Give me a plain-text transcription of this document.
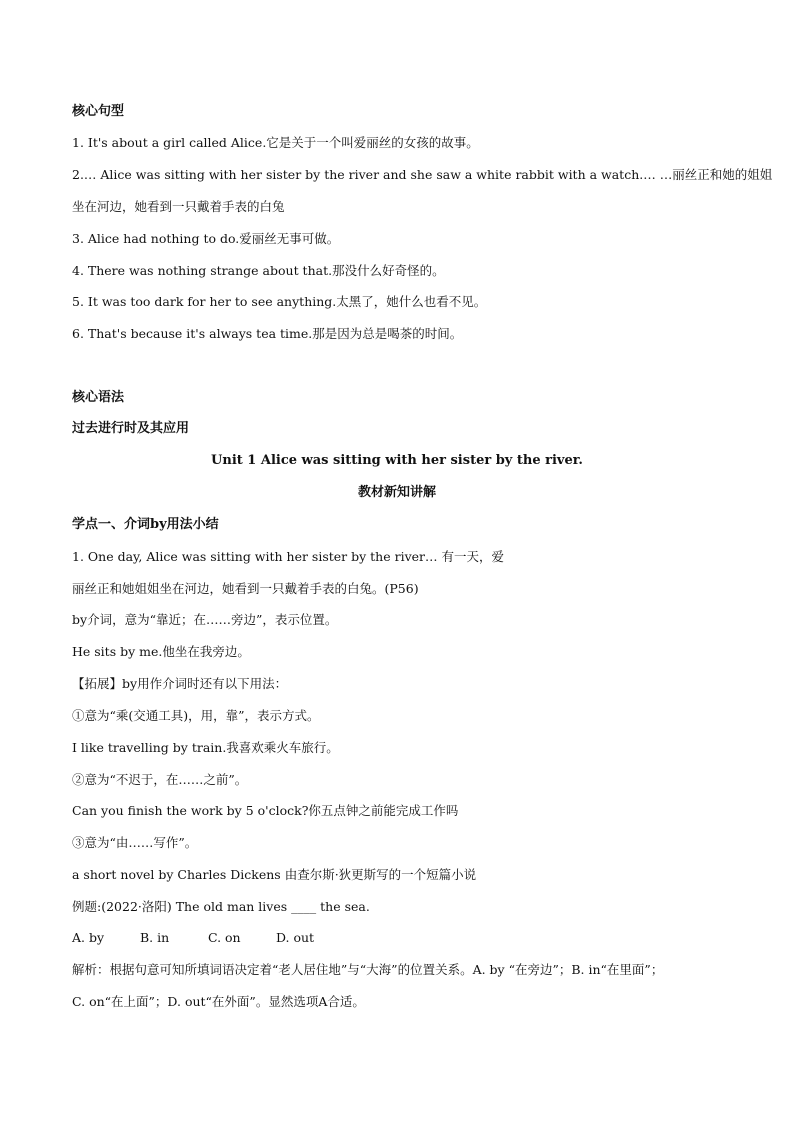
核心句型
1. It's about a girl called Alice.它是关于一个叫爱丽丝的女孩的故事。
2.… Alice was sitting with her sister by the river and she saw a white rabbit with a watch.… …丽丝正和她的姐姐
坐在河边，她看到一只戴着手表的白兔
3. Alice had nothing to do.爱丽丝无事可做。
4. There was nothing strange about that.那没什么好奇怪的。
5. It was too dark for her to see anything.太黑了，她什么也看不见。
6. That's because it's always tea time.那是因为总是喝茶的时间。
核心语法
过去进行时及其应用
Unit 1 Alice was sitting with her sister by the river.
教材新知讲解
学点一、介词by用法小结
1. One day, Alice was sitting with her sister by the river… 有一天，爱
丽丝正和她姐姐坐在河边，她看到一只戴着手表的白兔。(P56)
by介词，意为“靠近；在……旁边”，表示位置。
He sits by me.他坐在我旁边。
【拓展】by用作介词时还有以下用法：
①意为“乘(交通工具)，用，靠”，表示方式。
I like travelling by train.我喜欢乘火车旅行。
②意为“不迟于，在……之前”。
Can you finish the work by 5 o'clock?你五点钟之前能完成工作吗
③意为“由……写作”。
a short novel by Charles Dickens 由查尔斯·狄更斯写的一个短篇小说
例题:(2022·洛阳) The old man lives ____ the sea.
A. by	B. in	C. on	D. out
解析：根据句意可知所填词语决定着“老人居住地”与“大海”的位置关系。A. by “在旁边”；B. in“在里面”；
C. on“在上面”；D. out“在外面”。显然选项A合适。
